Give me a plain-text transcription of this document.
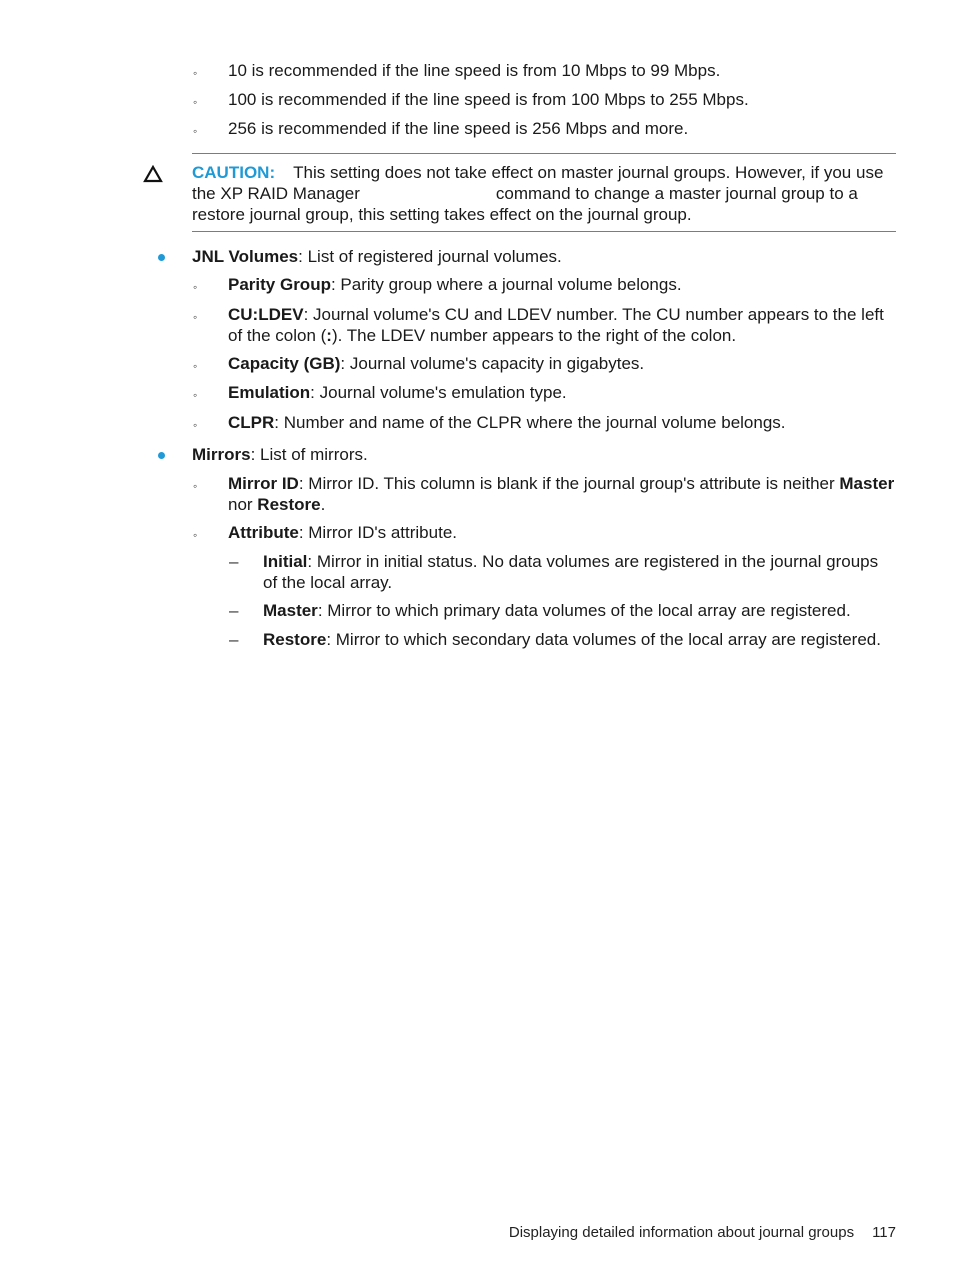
◦	10 is recommended if the line speed is from 10 Mbps to 99 Mbps.
◦	100 is recommended if the line speed is from 100 Mbps to 255 Mbps.
◦	256 is recommended if the line speed is 256 Mbps and more.
CAUTION: This setting does not take effect on master journal groups. However, if you use the XP RAID Manager	command to change a master journal group to a restore journal group, this setting takes effect on the journal group.
JNL Volumes: List of registered journal volumes.
◦	Parity Group: Parity group where a journal volume belongs.
◦	CU:LDEV: Journal volume's CU and LDEV number. The CU number appears to the left of the colon (:). The LDEV number appears to the right of the colon.
◦	Capacity (GB): Journal volume's capacity in gigabytes.
◦	Emulation: Journal volume's emulation type.
◦	CLPR: Number and name of the CLPR where the journal volume belongs.
Mirrors: List of mirrors.
◦	Mirror ID: Mirror ID. This column is blank if the journal group's attribute is neither Master nor Restore.
◦	Attribute: Mirror ID's attribute.
–	Initial: Mirror in initial status. No data volumes are registered in the journal groups of the local array.
–	Master: Mirror to which primary data volumes of the local array are registered.
–	Restore: Mirror to which secondary data volumes of the local array are registered.
Displaying detailed information about journal groups 117
